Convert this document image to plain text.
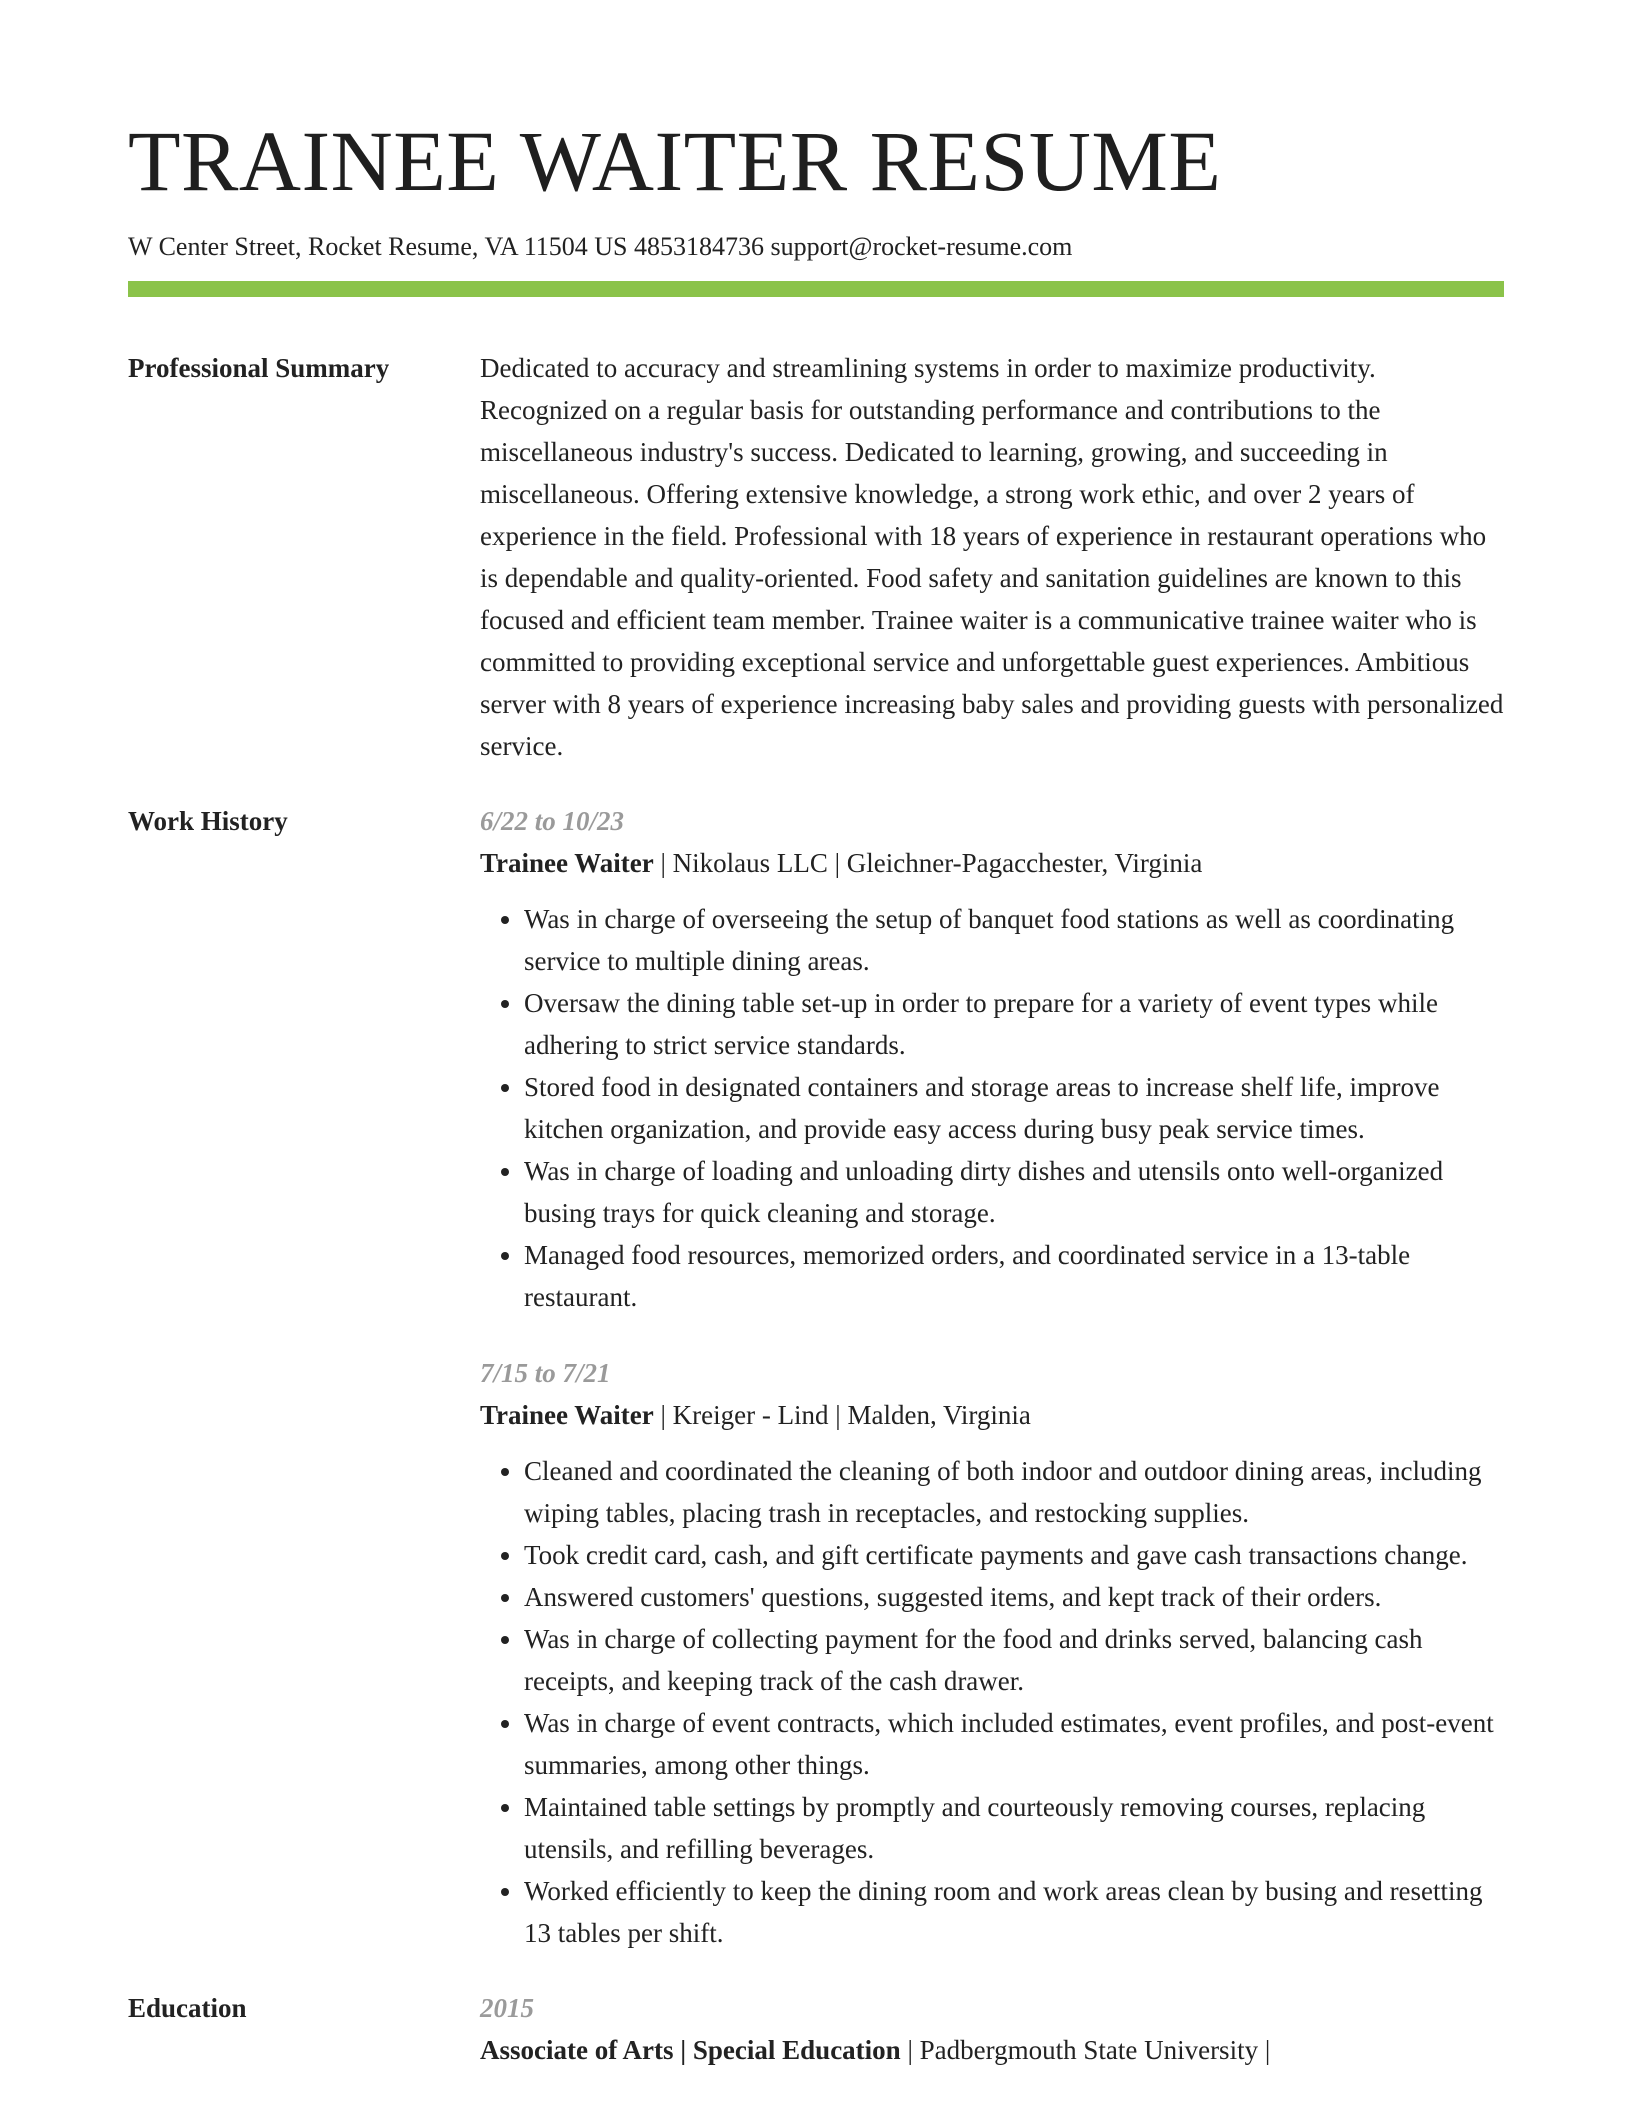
TRAINEE WAITER RESUME
W Center Street, Rocket Resume, VA 11504 US 4853184736 support@rocket-resume.com
Professional Summary	Dedicated to accuracy and streamlining systems in order to maximize productivity. Recognized on a regular basis for outstanding performance and contributions to the miscellaneous industry's success. Dedicated to learning, growing, and succeeding in miscellaneous. Offering extensive knowledge, a strong work ethic, and over 2 years of experience in the field. Professional with 18 years of experience in restaurant operations who is dependable and quality-oriented. Food safety and sanitation guidelines are known to this focused and efficient team member. Trainee waiter is a communicative trainee waiter who is committed to providing exceptional service and unforgettable guest experiences. Ambitious server with 8 years of experience increasing baby sales and providing guests with personalized service.
Work History	6/22 to 10/23
Trainee Waiter | Nikolaus LLC | Gleichner-Pagacchester, Virginia
• Was in charge of overseeing the setup of banquet food stations as well as coordinating service to multiple dining areas.
• Oversaw the dining table set-up in order to prepare for a variety of event types while adhering to strict service standards.
• Stored food in designated containers and storage areas to increase shelf life, improve kitchen organization, and provide easy access during busy peak service times.
• Was in charge of loading and unloading dirty dishes and utensils onto well-organized busing trays for quick cleaning and storage.
• Managed food resources, memorized orders, and coordinated service in a 13-table restaurant.
7/15 to 7/21
Trainee Waiter | Kreiger - Lind | Malden, Virginia
• Cleaned and coordinated the cleaning of both indoor and outdoor dining areas, including wiping tables, placing trash in receptacles, and restocking supplies.
• Took credit card, cash, and gift certificate payments and gave cash transactions change.
• Answered customers' questions, suggested items, and kept track of their orders.
• Was in charge of collecting payment for the food and drinks served, balancing cash receipts, and keeping track of the cash drawer.
• Was in charge of event contracts, which included estimates, event profiles, and post-event summaries, among other things.
• Maintained table settings by promptly and courteously removing courses, replacing utensils, and refilling beverages.
• Worked efficiently to keep the dining room and work areas clean by busing and resetting 13 tables per shift.
Education	2015
Associate of Arts | Special Education | Padbergmouth State University |
